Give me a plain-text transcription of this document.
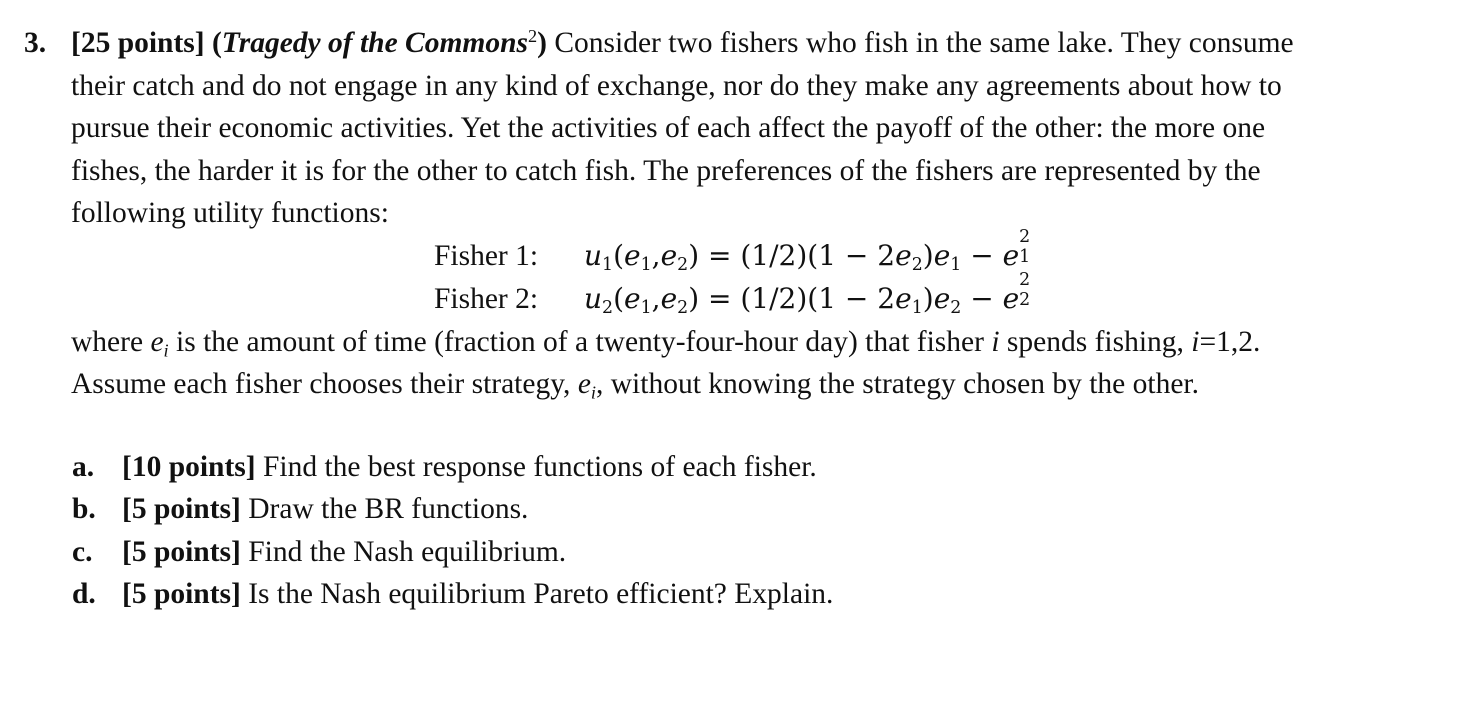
3. [25 points] (Tragedy of the Commons$^2$) Consider two fishers who fish in the same lake. They consume
their catch and do not engage in any kind of exchange, nor do they make any agreements about how to
pursue their economic activities. Yet the activities of each affect the payoff of the other: the more one
fishes, the harder it is for the other to catch fish. The preferences of the fishers are represented by the
following utility functions:
Fisher 1: $u_1(e_1,e_2) = (1/2)(1 - 2e_2)e_1 - e$
2
1
Fisher 2: $u_2(e_1,e_2) = (1/2)(1 - 2e_1)e_2 - e$
2
2
where $e_i$ is the amount of time (fraction of a twenty-four-hour day) that fisher i spends fishing, i=1,2.
Assume each fisher chooses their strategy, $e_i$, without knowing the strategy chosen by the other.
a. [10 points] Find the best response functions of each fisher.
b. [5 points] Draw the BR functions.
c. [5 points] Find the Nash equilibrium.
d. [5 points] Is the Nash equilibrium Pareto efficient? Explain.
